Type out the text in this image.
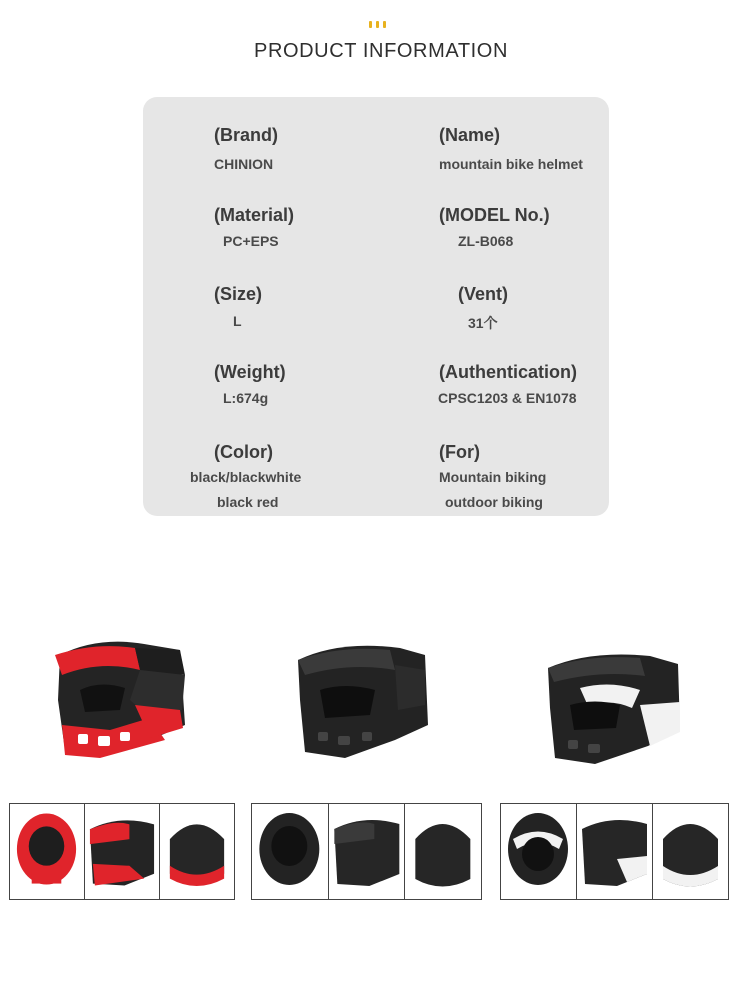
PRODUCT INFORMATION
(Brand)
CHINION
(Name)
mountain bike helmet
(Material)
PC+EPS
(MODEL No.)
ZL-B068
(Size)
L
(Vent)
31个
(Weight)
L:674g
(Authentication)
CPSC1203 & EN1078
(Color)
black/blackwhite
black red
(For)
Mountain biking
outdoor biking
